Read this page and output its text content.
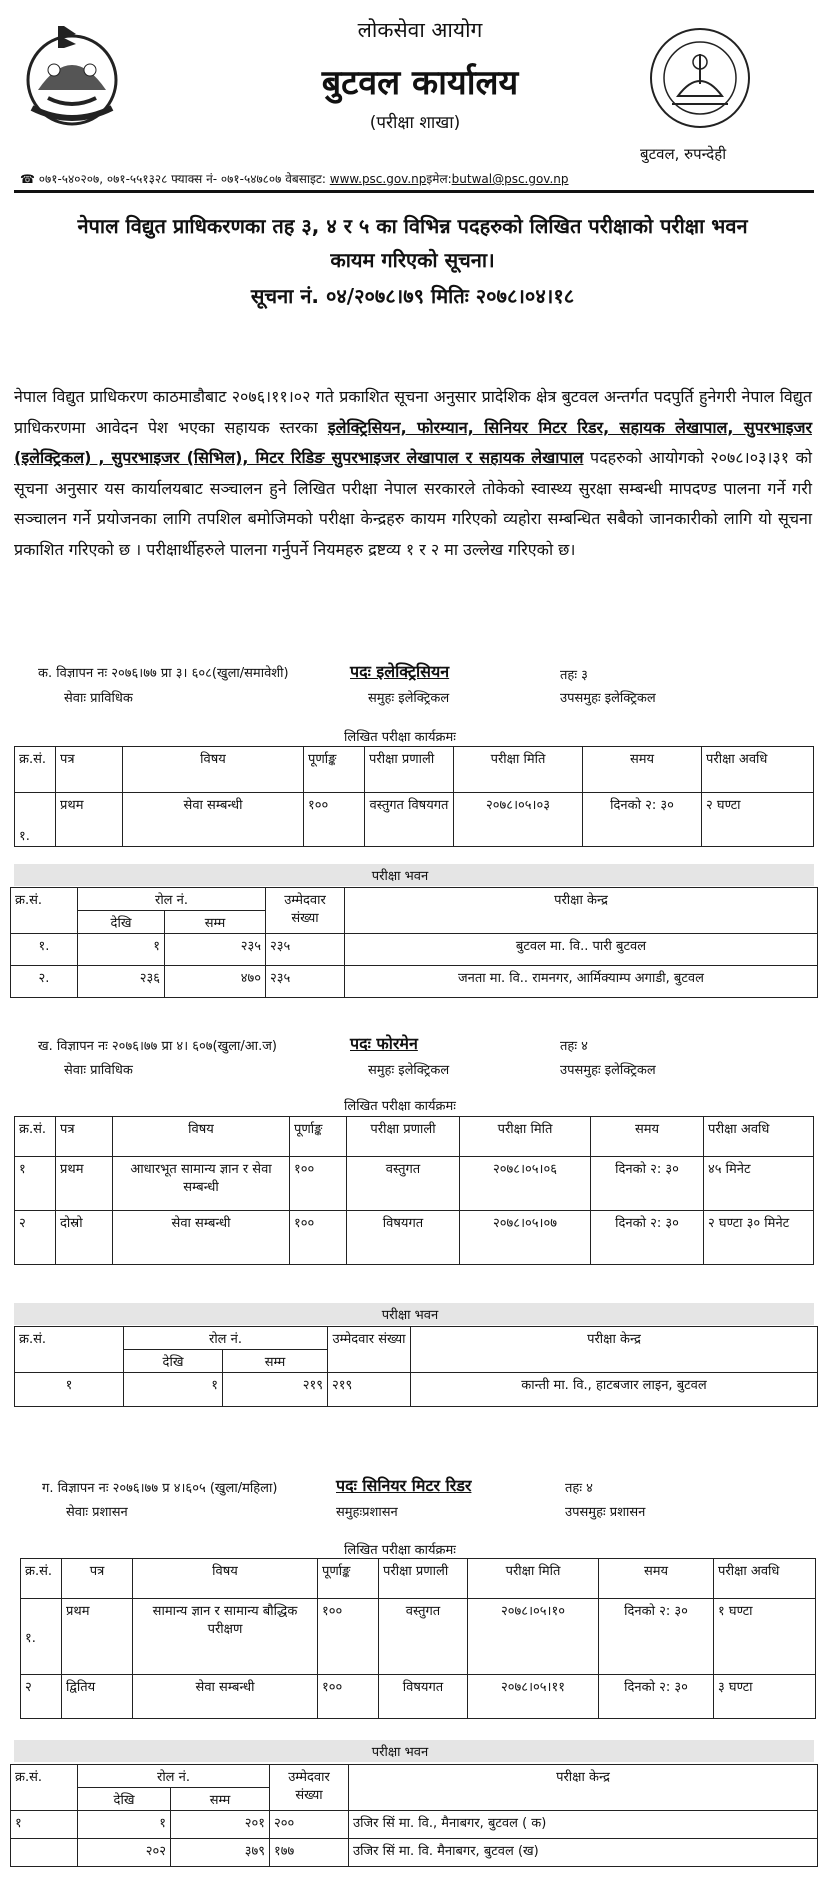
लोकसेवा आयोग
बुटवल कार्यालय
(परीक्षा शाखा)
बुटवल, रुपन्देही
☎ ०७१-५४०२०७, ०७१-५५१३२८ फ्याक्स नं- ०७१-५४७८०७ वेबसाइट: www.psc.gov.npइमेल:butwal@psc.gov.np
नेपाल विद्युत प्राधिकरणका तह ३, ४ र ५ का विभिन्न पदहरुको लिखित परीक्षाको परीक्षा भवन
कायम गरिएको सूचना।
सूचना नं. ०४/२०७८।७९ मितिः २०७८।०४।१८
नेपाल विद्युत प्राधिकरण काठमाडौबाट २०७६।११।०२ गते प्रकाशित सूचना अनुसार प्रादेशिक क्षेत्र बुटवल अन्तर्गत पदपुर्ति हुनेगरी नेपाल विद्युत प्राधिकरणमा आवेदन पेश भएका सहायक स्तरका इलेक्ट्रिसियन, फोरम्यान, सिनियर मिटर रिडर, सहायक लेखापाल, सुपरभाइजर (इलेक्ट्रिकल) , सुपरभाइजर (सिभिल), मिटर रिडिङ सुपरभाइजर लेखापाल र सहायक लेखापाल पदहरुको आयोगको २०७८।०३।३१ को सूचना अनुसार यस कार्यालयबाट सञ्चालन हुने लिखित परीक्षा नेपाल सरकारले तोकेको स्वास्थ्य सुरक्षा सम्बन्धी मापदण्ड पालना गर्ने गरी सञ्चालन गर्ने प्रयोजनका लागि तपशिल बमोजिमको परीक्षा केन्द्रहरु कायम गरिएको व्यहोरा सम्बन्धित सबैको जानकारीको लागि यो सूचना प्रकाशित गरिएको छ । परीक्षार्थीहरुले पालना गर्नुपर्ने नियमहरु द्रष्टव्य १ र २ मा उल्लेख गरिएको छ।
क. विज्ञापन नः २०७६।७७ प्रा ३। ६०८(खुला/समावेशी)
सेवाः प्राविधिक
पदः इलेक्ट्रिसियन
समुहः इलेक्ट्रिकल
तहः ३
उपसमुहः इलेक्ट्रिकल
लिखित परीक्षा कार्यक्रमः
क्र.सं.	पत्र	विषय	पूर्णाङ्क	परीक्षा प्रणाली	परीक्षा मिति	समय	परीक्षा अवधि
१.	प्रथम	सेवा सम्बन्धी	१००	वस्तुगत विषयगत	२०७८।०५।०३	दिनको २: ३०	२ घण्टा
परीक्षा भवन
क्र.सं.	रोल नं.		उम्मेदवार संख्या	परीक्षा केन्द्र
	देखि	सम्म		
१.	१	२३५	२३५	बुटवल मा. वि.. पारी बुटवल
२.	२३६	४७०	२३५	जनता मा. वि.. रामनगर, आर्मिक्याम्प अगाडी, बुटवल
ख. विज्ञापन नः २०७६।७७ प्रा ४। ६०७(खुला/आ.ज)
सेवाः प्राविधिक
पदः फोरमेन
समुहः इलेक्ट्रिकल
तहः ४
उपसमुहः इलेक्ट्रिकल
लिखित परीक्षा कार्यक्रमः
क्र.सं.	पत्र	विषय	पूर्णाङ्क	परीक्षा प्रणाली	परीक्षा मिति	समय	परीक्षा अवधि
१	प्रथम	आधारभूत सामान्य ज्ञान र सेवा सम्बन्धी	१००	वस्तुगत	२०७८।०५।०६	दिनको २: ३०	४५ मिनेट
२	दोस्रो	सेवा सम्बन्धी	१००	विषयगत	२०७८।०५।०७	दिनको २: ३०	२ घण्टा ३० मिनेट
परीक्षा भवन
क्र.सं.	रोल नं.		उम्मेदवार संख्या	परीक्षा केन्द्र
	देखि	सम्म		
१	१	२१९	२१९	कान्ती मा. वि., हाटबजार लाइन, बुटवल
ग. विज्ञापन नः २०७६।७७ प्र ४।६०५ (खुला/महिला)
सेवाः प्रशासन
पदः सिनियर मिटर रिडर
समुहःप्रशासन
तहः ४
उपसमुहः प्रशासन
लिखित परीक्षा कार्यक्रमः
क्र.सं.	पत्र	विषय	पूर्णाङ्क	परीक्षा प्रणाली	परीक्षा मिति	समय	परीक्षा अवधि
१.	प्रथम	सामान्य ज्ञान र सामान्य बौद्धिक परीक्षण	१००	वस्तुगत	२०७८।०५।१०	दिनको २: ३०	१ घण्टा
२	द्वितिय	सेवा सम्बन्धी	१००	विषयगत	२०७८।०५।११	दिनको २: ३०	३ घण्टा
परीक्षा भवन
क्र.सं.	रोल नं.		उम्मेदवार संख्या	परीक्षा केन्द्र
	देखि	सम्म		
१	१	२०१	२००	उजिर सिं मा. वि., मैनाबगर, बुटवल ( क)
	२०२	३७९	१७७	उजिर सिं मा. वि. मैनाबगर, बुटवल (ख)
